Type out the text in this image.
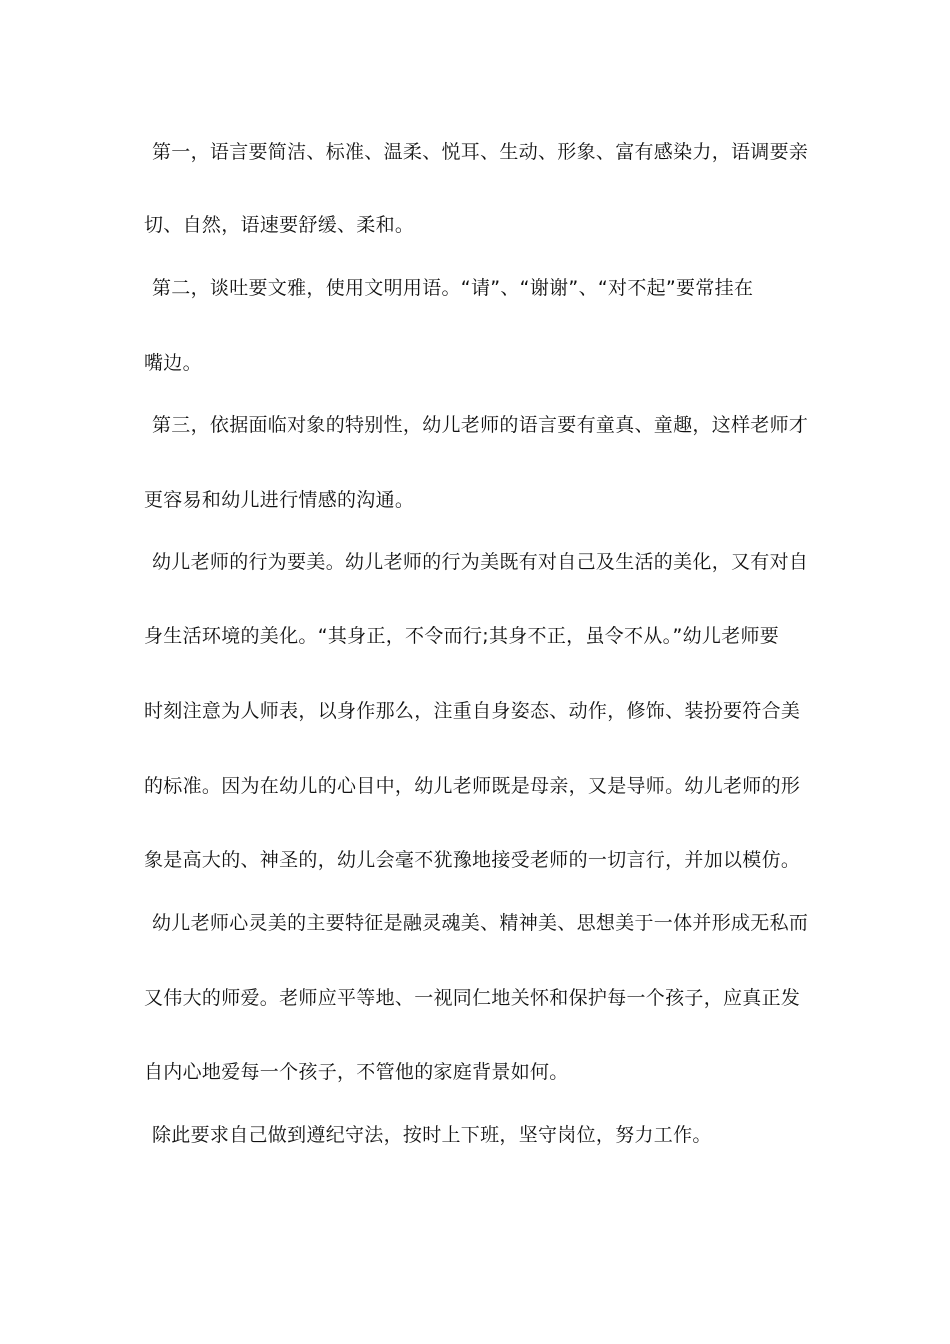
第一，语言要简洁、标准、温柔、悦耳、生动、形象、富有感染力，语调要亲
切、自然，语速要舒缓、柔和。
第二，谈吐要文雅，使用文明用语。“请”、“谢谢”、“对不起”要常挂在
嘴边。
第三，依据面临对象的特别性，幼儿老师的语言要有童真、童趣，这样老师才
更容易和幼儿进行情感的沟通。
幼儿老师的行为要美。幼儿老师的行为美既有对自己及生活的美化，又有对自
身生活环境的美化。“其身正，不令而行;其身不正，虽令不从。”幼儿老师要
时刻注意为人师表，以身作那么，注重自身姿态、动作，修饰、装扮要符合美
的标准。因为在幼儿的心目中，幼儿老师既是母亲，又是导师。幼儿老师的形
象是高大的、神圣的，幼儿会毫不犹豫地接受老师的一切言行，并加以模仿。
幼儿老师心灵美的主要特征是融灵魂美、精神美、思想美于一体并形成无私而
又伟大的师爱。老师应平等地、一视同仁地关怀和保护每一个孩子，应真正发
自内心地爱每一个孩子，不管他的家庭背景如何。
除此要求自己做到遵纪守法，按时上下班，坚守岗位，努力工作。
